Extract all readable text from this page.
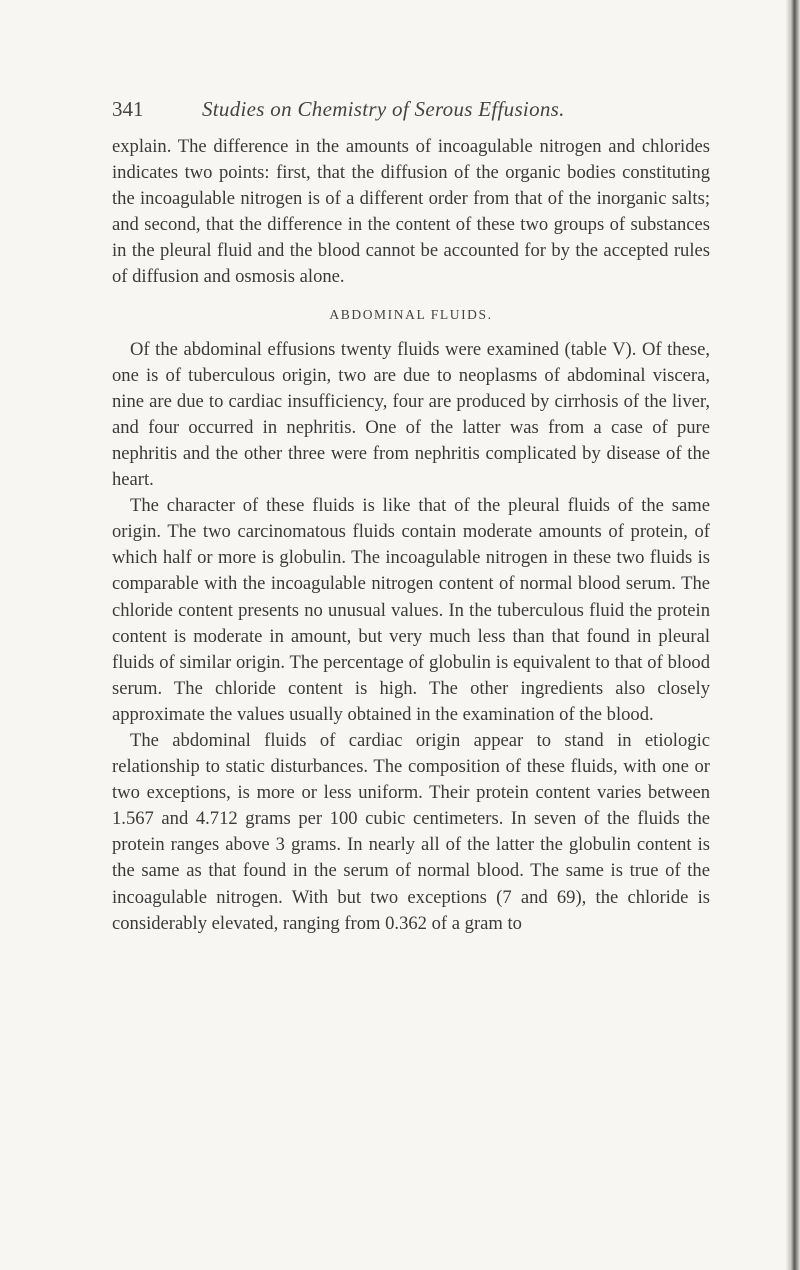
341	Studies on Chemistry of Serous Effusions.

explain. The difference in the amounts of incoagulable nitrogen and chlorides indicates two points: first, that the diffusion of the organic bodies constituting the incoagulable nitrogen is of a different order from that of the inorganic salts; and second, that the difference in the content of these two groups of substances in the pleural fluid and the blood cannot be accounted for by the accepted rules of diffusion and osmosis alone.

ABDOMINAL FLUIDS.

Of the abdominal effusions twenty fluids were examined (table V). Of these, one is of tuberculous origin, two are due to neoplasms of abdominal viscera, nine are due to cardiac insufficiency, four are produced by cirrhosis of the liver, and four occurred in nephritis. One of the latter was from a case of pure nephritis and the other three were from nephritis complicated by disease of the heart.

The character of these fluids is like that of the pleural fluids of the same origin. The two carcinomatous fluids contain moderate amounts of protein, of which half or more is globulin. The incoagulable nitrogen in these two fluids is comparable with the incoagulable nitrogen content of normal blood serum. The chloride content presents no unusual values. In the tuberculous fluid the protein content is moderate in amount, but very much less than that found in pleural fluids of similar origin. The percentage of globulin is equivalent to that of blood serum. The chloride content is high. The other ingredients also closely approximate the values usually obtained in the examination of the blood.

The abdominal fluids of cardiac origin appear to stand in etiologic relationship to static disturbances. The composition of these fluids, with one or two exceptions, is more or less uniform. Their protein content varies between 1.567 and 4.712 grams per 100 cubic centimeters. In seven of the fluids the protein ranges above 3 grams. In nearly all of the latter the globulin content is the same as that found in the serum of normal blood. The same is true of the incoagulable nitrogen. With but two exceptions (7 and 69), the chloride is considerably elevated, ranging from 0.362 of a gram to
